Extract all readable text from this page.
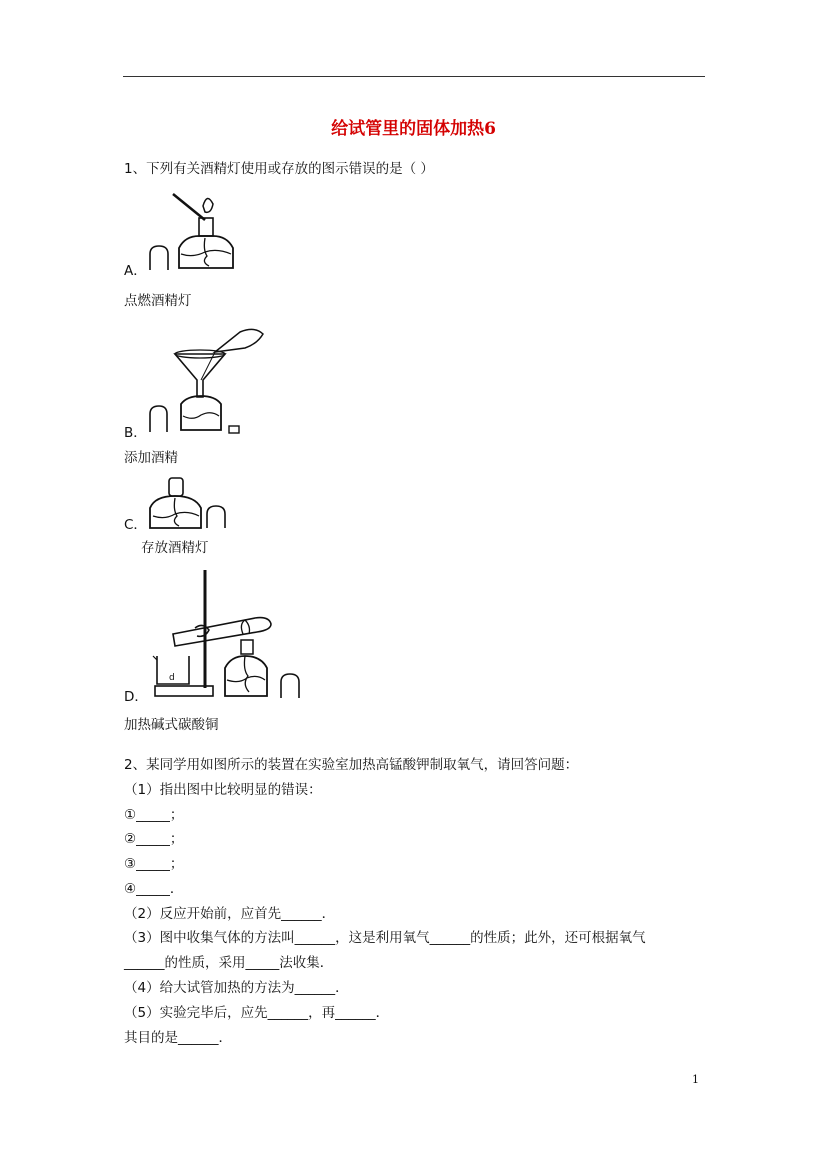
给试管里的固体加热6
1、下列有关酒精灯使用或存放的图示错误的是（ ）
A．
点燃酒精灯
B．
添加酒精
C．
存放酒精灯
d
D．
加热碱式碳酸铜
2、某同学用如图所示的装置在实验室加热高锰酸钾制取氧气，请回答问题：
（1）指出图中比较明显的错误：
①_____；
②_____；
③_____；
④_____．
（2）反应开始前，应首先______．
（3）图中收集气体的方法叫______，这是利用氧气______的性质；此外，还可根据氧气
______的性质，采用_____法收集．
（4）给大试管加热的方法为______．
（5）实验完毕后，应先______，再______．
其目的是______．
1
